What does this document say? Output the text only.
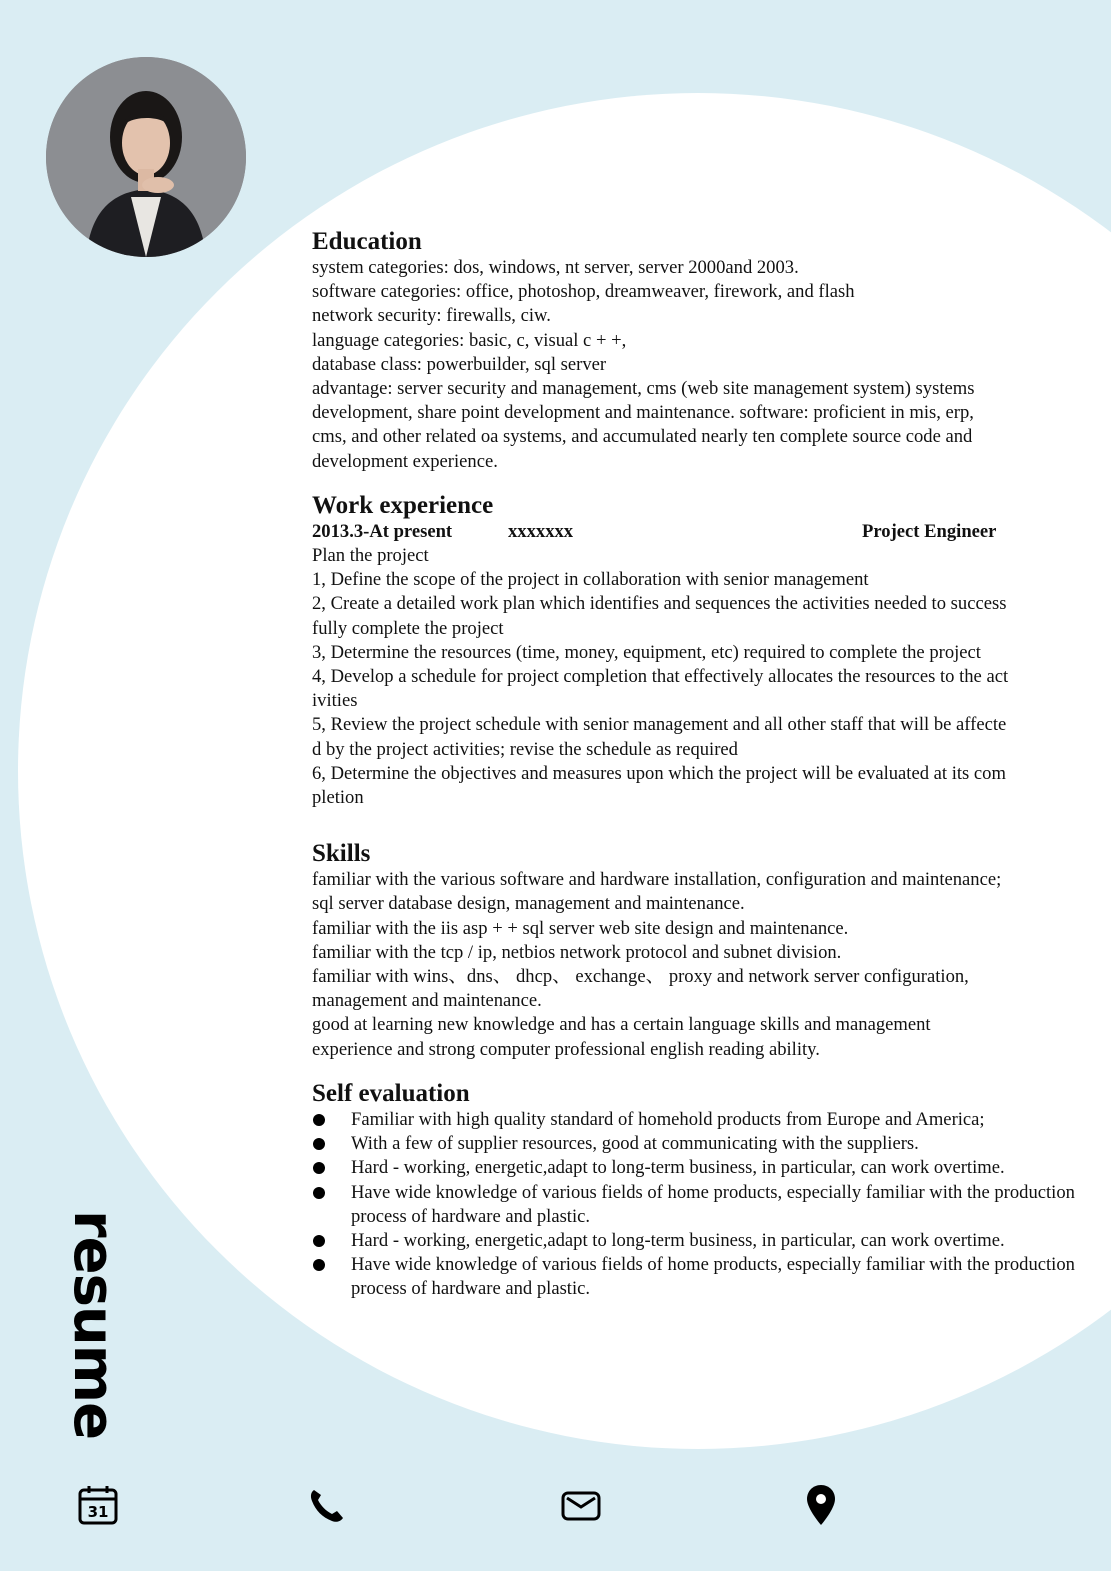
Education

system categories: dos, windows, nt server, server 2000and 2003.

software categories: office, photoshop, dreamweaver, firework, and flash

network security: firewalls, ciw.

language categories: basic, c, visual c + +,

database class: powerbuilder, sql server

advantage: server security and management, cms (web site management system) systems

development, share point development and maintenance. software: proficient in mis, erp,

cms, and other related oa systems, and accumulated nearly ten complete source code and

development experience.

Work experience

2013.3-At present	xxxxxxx	Project Engineer

Plan the project

1, Define the scope of the project in collaboration with senior management

2, Create a detailed work plan which identifies and sequences the activities needed to success

fully complete the project

3, Determine the resources (time, money, equipment, etc) required to complete the project

4, Develop a schedule for project completion that effectively allocates the resources to the act

ivities

5, Review the project schedule with senior management and all other staff that will be affecte

d by the project activities; revise the schedule as required

6, Determine the objectives and measures upon which the project will be evaluated at its com

pletion

Skills

familiar with the various software and hardware installation, configuration and maintenance;

sql server database design, management and maintenance.

familiar with the iis asp + + sql server web site design and maintenance.

familiar with the tcp / ip, netbios network protocol and subnet division.

familiar with wins、dns、 dhcp、 exchange、 proxy and network server configuration,

management and maintenance.

good at learning new knowledge and has a certain language skills and management

experience and strong computer professional english reading ability.

Self evaluation

Familiar with high quality standard of homehold products from Europe and America;
With a few of supplier resources, good at communicating with the suppliers.
Hard - working, energetic,adapt to long-term business, in particular, can work overtime.
Have wide knowledge of various fields of home products, especially familiar with the production process of hardware and plastic.
Hard - working, energetic,adapt to long-term business, in particular, can work overtime.
Have wide knowledge of various fields of home products, especially familiar with the production process of hardware and plastic.
resume
31
